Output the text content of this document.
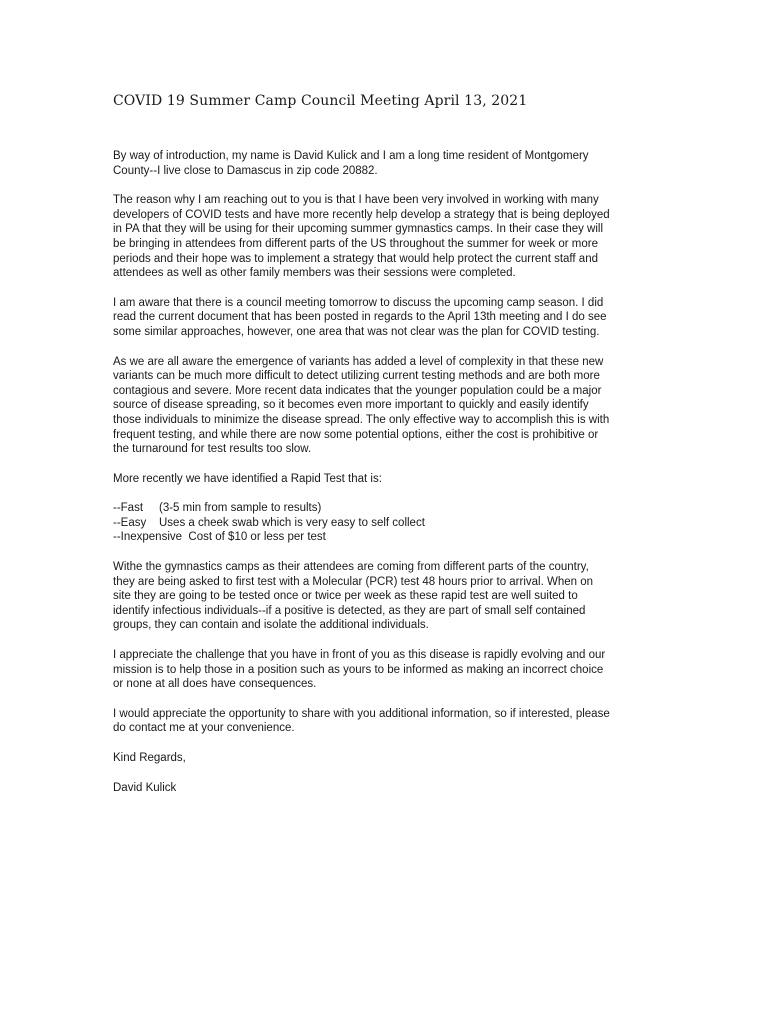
COVID 19 Summer Camp Council Meeting April 13, 2021

By way of introduction, my name is David Kulick and I am a long time resident of Montgomery
County--I live close to Damascus in zip code 20882.

The reason why I am reaching out to you is that I have been very involved in working with many
developers of COVID tests and have more recently help develop a strategy that is being deployed
in PA that they will be using for their upcoming summer gymnastics camps. In their case they will
be bringing in attendees from different parts of the US throughout the summer for week or more
periods and their hope was to implement a strategy that would help protect the current staff and
attendees as well as other family members was their sessions were completed.

I am aware that there is a council meeting tomorrow to discuss the upcoming camp season. I did
read the current document that has been posted in regards to the April 13th meeting and I do see
some similar approaches, however, one area that was not clear was the plan for COVID testing.

As we are all aware the emergence of variants has added a level of complexity in that these new
variants can be much more difficult to detect utilizing current testing methods and are both more
contagious and severe. More recent data indicates that the younger population could be a major
source of disease spreading, so it becomes even more important to quickly and easily identify
those individuals to minimize the disease spread. The only effective way to accomplish this is with
frequent testing, and while there are now some potential options, either the cost is prohibitive or
the turnaround for test results too slow.

More recently we have identified a Rapid Test that is:

--Fast     (3-5 min from sample to results)
--Easy    Uses a cheek swab which is very easy to self collect
--Inexpensive  Cost of $10 or less per test

Withe the gymnastics camps as their attendees are coming from different parts of the country,
they are being asked to first test with a Molecular (PCR) test 48 hours prior to arrival. When on
site they are going to be tested once or twice per week as these rapid test are well suited to
identify infectious individuals--if a positive is detected, as they are part of small self contained
groups, they can contain and isolate the additional individuals.

I appreciate the challenge that you have in front of you as this disease is rapidly evolving and our
mission is to help those in a position such as yours to be informed as making an incorrect choice
or none at all does have consequences.

I would appreciate the opportunity to share with you additional information, so if interested, please
do contact me at your convenience.

Kind Regards,

David Kulick
